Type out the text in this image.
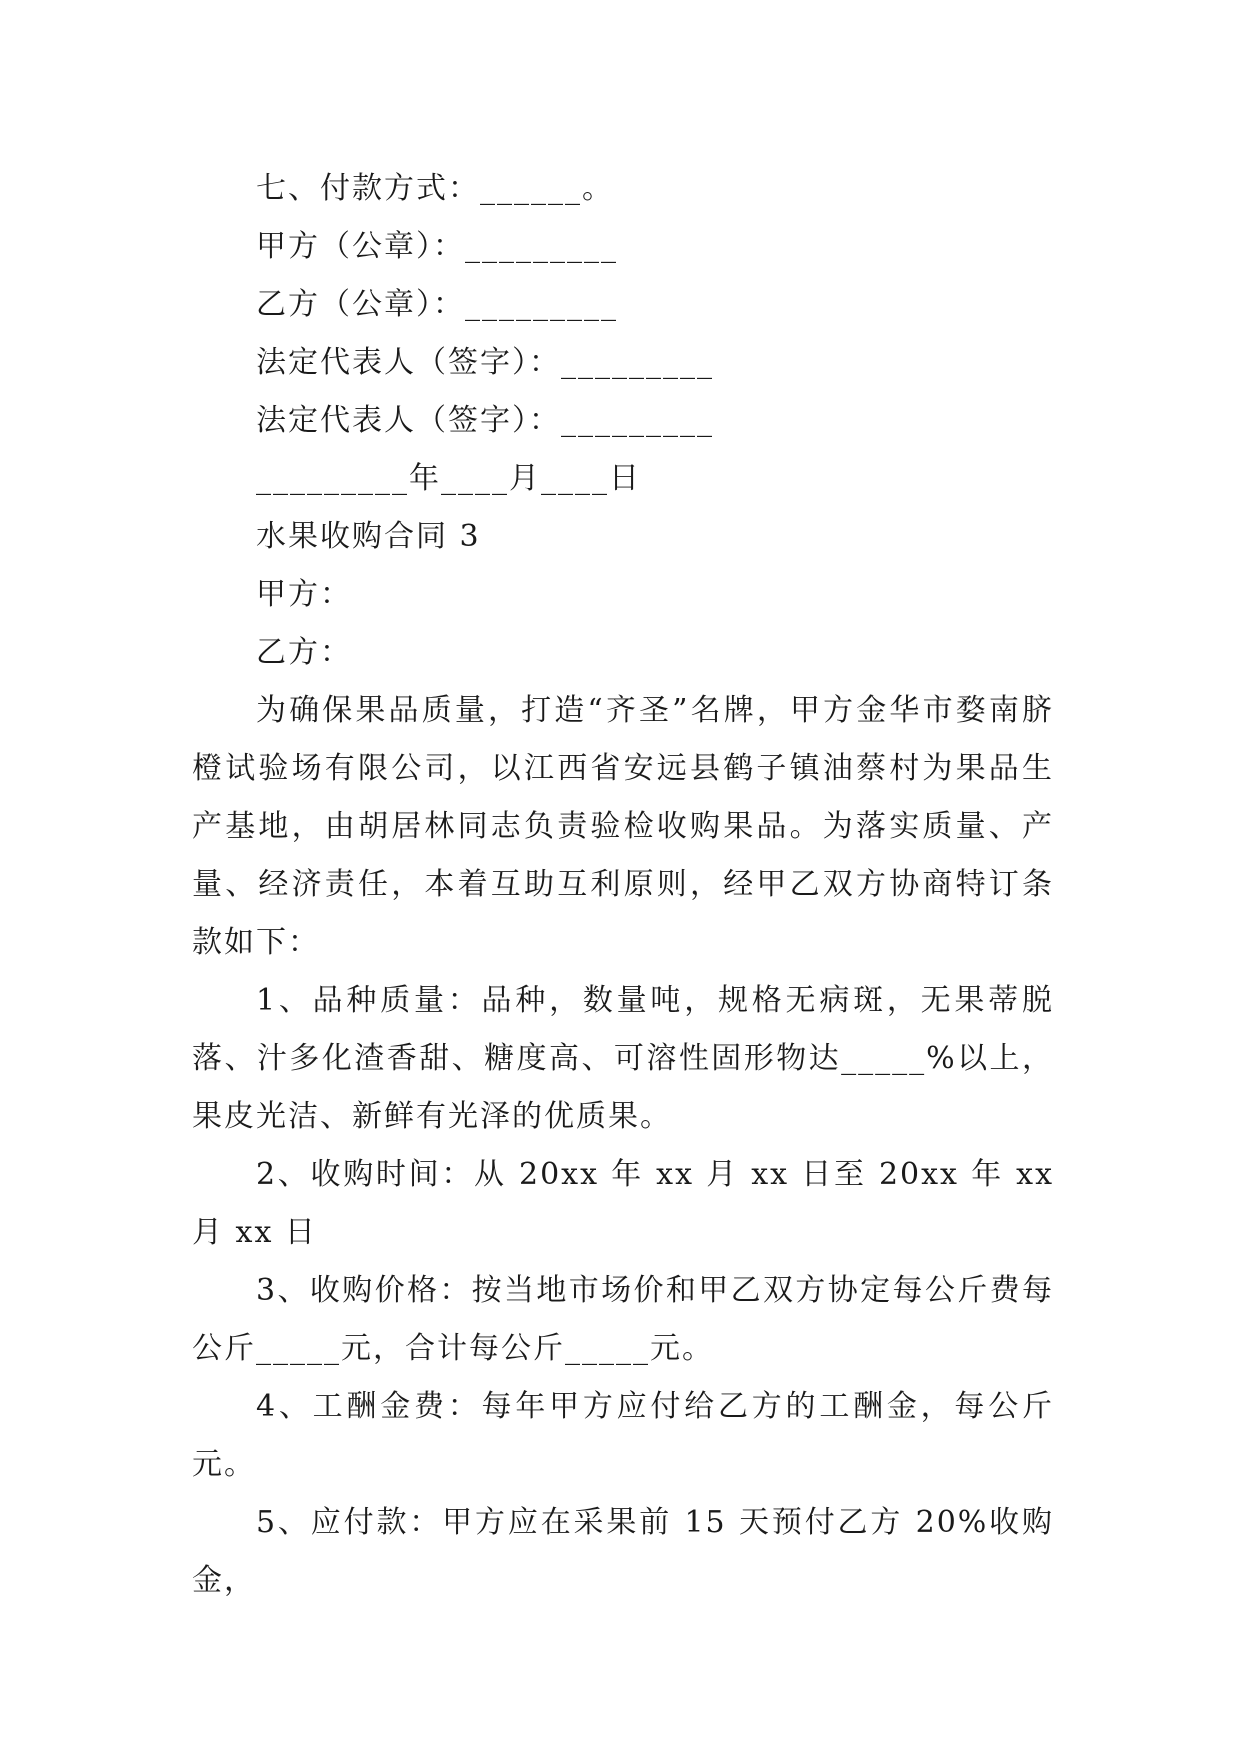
七、付款方式：______。
甲方（公章）：_________
乙方（公章）：_________
法定代表人（签字）：_________
法定代表人（签字）：_________
_________年____月____日
水果收购合同 3
甲方：
乙方：

为确保果品质量，打造“齐圣”名牌，甲方金华市婺南脐橙试验场有限公司，以江西省安远县鹤子镇油蔡村为果品生产基地，由胡居林同志负责验检收购果品。为落实质量、产量、经济责任，本着互助互利原则，经甲乙双方协商特订条款如下：

1、品种质量：品种，数量吨，规格无病斑，无果蒂脱落、汁多化渣香甜、糖度高、可溶性固形物达_____%以上，果皮光洁、新鲜有光泽的优质果。

2、收购时间：从 20xx 年 xx 月 xx 日至 20xx 年 xx 月 xx 日

3、收购价格：按当地市场价和甲乙双方协定每公斤费每公斤_____元，合计每公斤_____元。

4、工酬金费：每年甲方应付给乙方的工酬金，每公斤元。

5、应付款：甲方应在采果前 15 天预付乙方 20%收购金，
